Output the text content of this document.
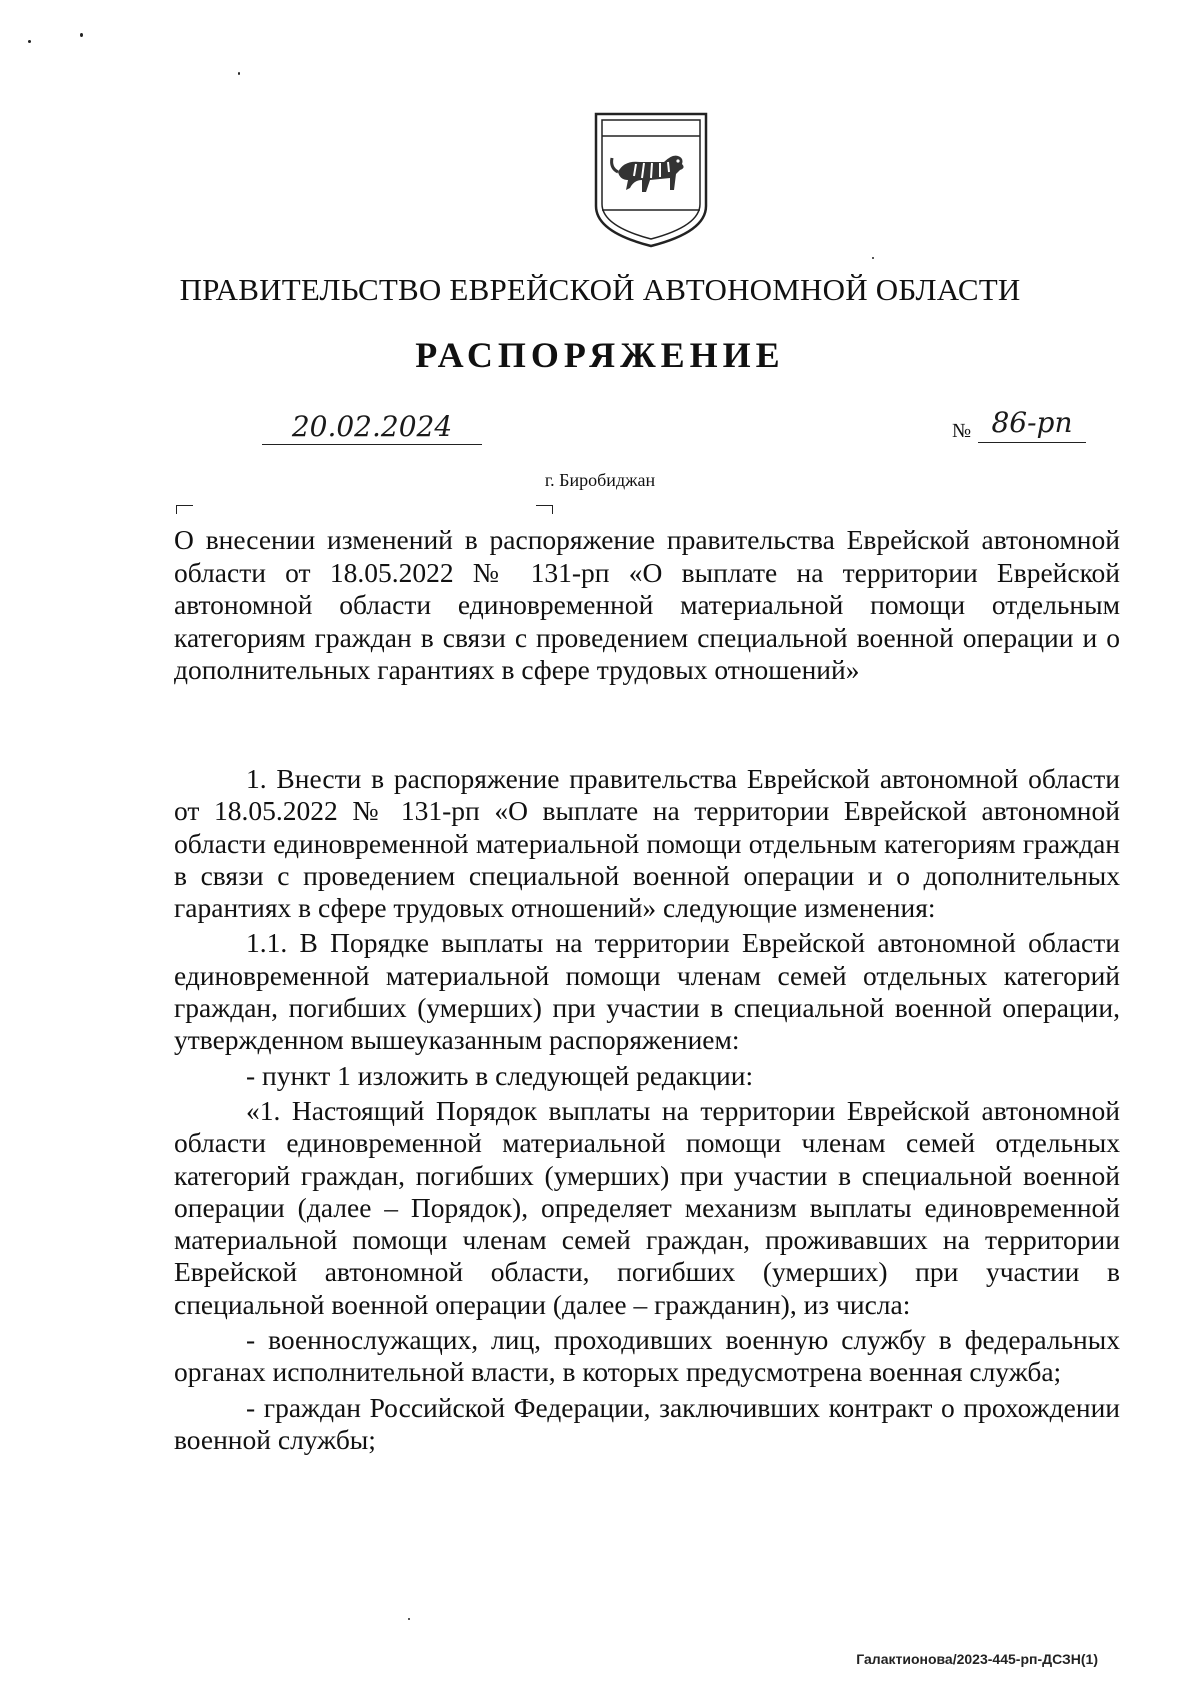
ПРАВИТЕЛЬСТВО ЕВРЕЙСКОЙ АВТОНОМНОЙ ОБЛАСТИ
РАСПОРЯЖЕНИЕ
20.02.2024	№ 86-рп
г. Биробиджан
О внесении изменений в распоряжение правительства Еврейской автономной области от 18.05.2022 № 131-рп «О выплате на территории Еврейской автономной области единовременной материальной помощи отдельным категориям граждан в связи с проведением специальной военной операции и о дополнительных гарантиях в сфере трудовых отношений»

1. Внести в распоряжение правительства Еврейской автономной области от 18.05.2022 № 131-рп «О выплате на территории Еврейской автономной области единовременной материальной помощи отдельным категориям граждан в связи с проведением специальной военной операции и о дополнительных гарантиях в сфере трудовых отношений» следующие изменения:

1.1. В Порядке выплаты на территории Еврейской автономной области единовременной материальной помощи членам семей отдельных категорий граждан, погибших (умерших) при участии в специальной военной операции, утвержденном вышеуказанным распоряжением:

- пункт 1 изложить в следующей редакции:

«1. Настоящий Порядок выплаты на территории Еврейской автономной области единовременной материальной помощи членам семей отдельных категорий граждан, погибших (умерших) при участии в специальной военной операции (далее – Порядок), определяет механизм выплаты единовременной материальной помощи членам семей граждан, проживавших на территории Еврейской автономной области, погибших (умерших) при участии в специальной военной операции (далее – гражданин), из числа:

- военнослужащих, лиц, проходивших военную службу в федеральных органах исполнительной власти, в которых предусмотрена военная служба;

- граждан Российской Федерации, заключивших контракт о прохождении военной службы;

Галактионова/2023-445-рп-ДСЗН(1)
